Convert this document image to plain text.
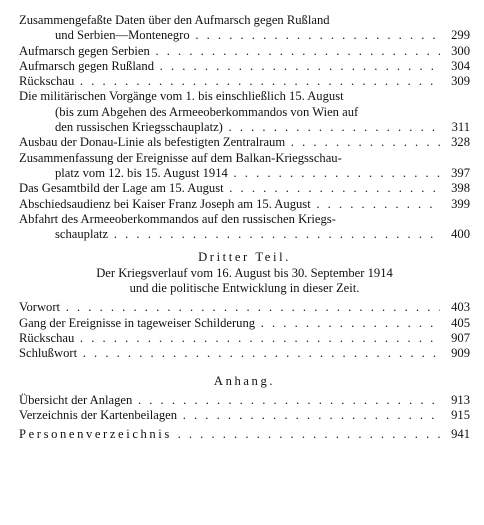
Zusammengefaßte Daten über den Aufmarsch gegen Rußland
und Serbien—Montenegro . . .	299
Aufmarsch gegen Serbien . . .	300
Aufmarsch gegen Rußland . . .	304
Rückschau . . .	309
Die militärischen Vorgänge vom 1. bis einschließlich 15. August
(bis zum Abgehen des Armeeoberkommandos von Wien auf
den russischen Kriegsschauplatz) . . .	311
Ausbau der Donau-Linie als befestigten Zentralraum . . .	328
Zusammenfassung der Ereignisse auf dem Balkan-Kriegsschau-
platz vom 12. bis 15. August 1914 . . .	397
Das Gesamtbild der Lage am 15. August . . .	398
Abschiedsaudienz bei Kaiser Franz Joseph am 15. August . . .	399
Abfahrt des Armeeoberkommandos auf den russischen Kriegs-
schauplatz . . .	400
Dritter Teil.
Der Kriegsverlauf vom 16. August bis 30. September 1914
und die politische Entwicklung in dieser Zeit.
Vorwort . . .	403
Gang der Ereignisse in tageweiser Schilderung . . .	405
Rückschau . . .	907
Schlußwort . . .	909
Anhang.
Übersicht der Anlagen . . .	913
Verzeichnis der Kartenbeilagen . . .	915
Personenverzeichnis . . .	941
